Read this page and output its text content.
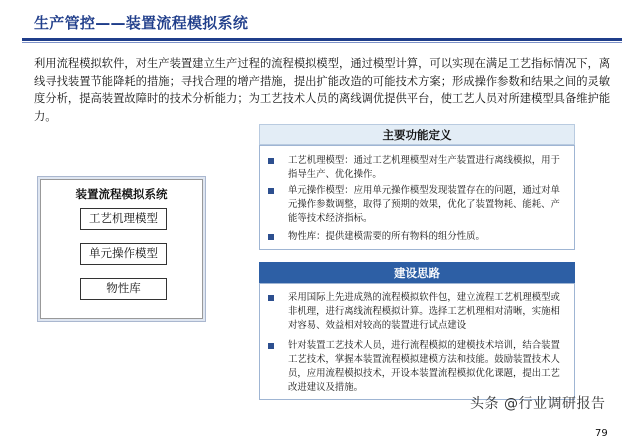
生产管控——装置流程模拟系统
利用流程模拟软件，对生产装置建立生产过程的流程模拟模型，通过模型计算，可以实现在满足工艺指标情况下，离线寻找装置节能降耗的措施；寻找合理的增产措施，提出扩能改造的可能技术方案；形成操作参数和结果之间的灵敏度分析，提高装置故障时的技术分析能力；为工艺技术人员的离线调优提供平台，使工艺人员对所建模型具备维护能力。
装置流程模拟系统
工艺机理模型
单元操作模型
物性库
主要功能定义
工艺机理模型：通过工艺机理模型对生产装置进行离线模拟，用于指导生产、优化操作。
单元操作模型：应用单元操作模型发现装置存在的问题，通过对单元操作参数调整，取得了预期的效果，优化了装置物耗、能耗、产能等技术经济指标。
物性库：提供建模需要的所有物料的组分性质。
建设思路
采用国际上先进成熟的流程模拟软件包，建立流程工艺机理模型或非机理，进行离线流程模拟计算。选择工艺机理相对清晰，实施相对容易、效益相对较高的装置进行试点建设
针对装置工艺技术人员，进行流程模拟的建模技术培训，结合装置工艺技术，掌握本装置流程模拟建模方法和技能。鼓励装置技术人员，应用流程模拟技术，开设本装置流程模拟优化课题，提出工艺改进建议及措施。
头条 @行业调研报告
79
